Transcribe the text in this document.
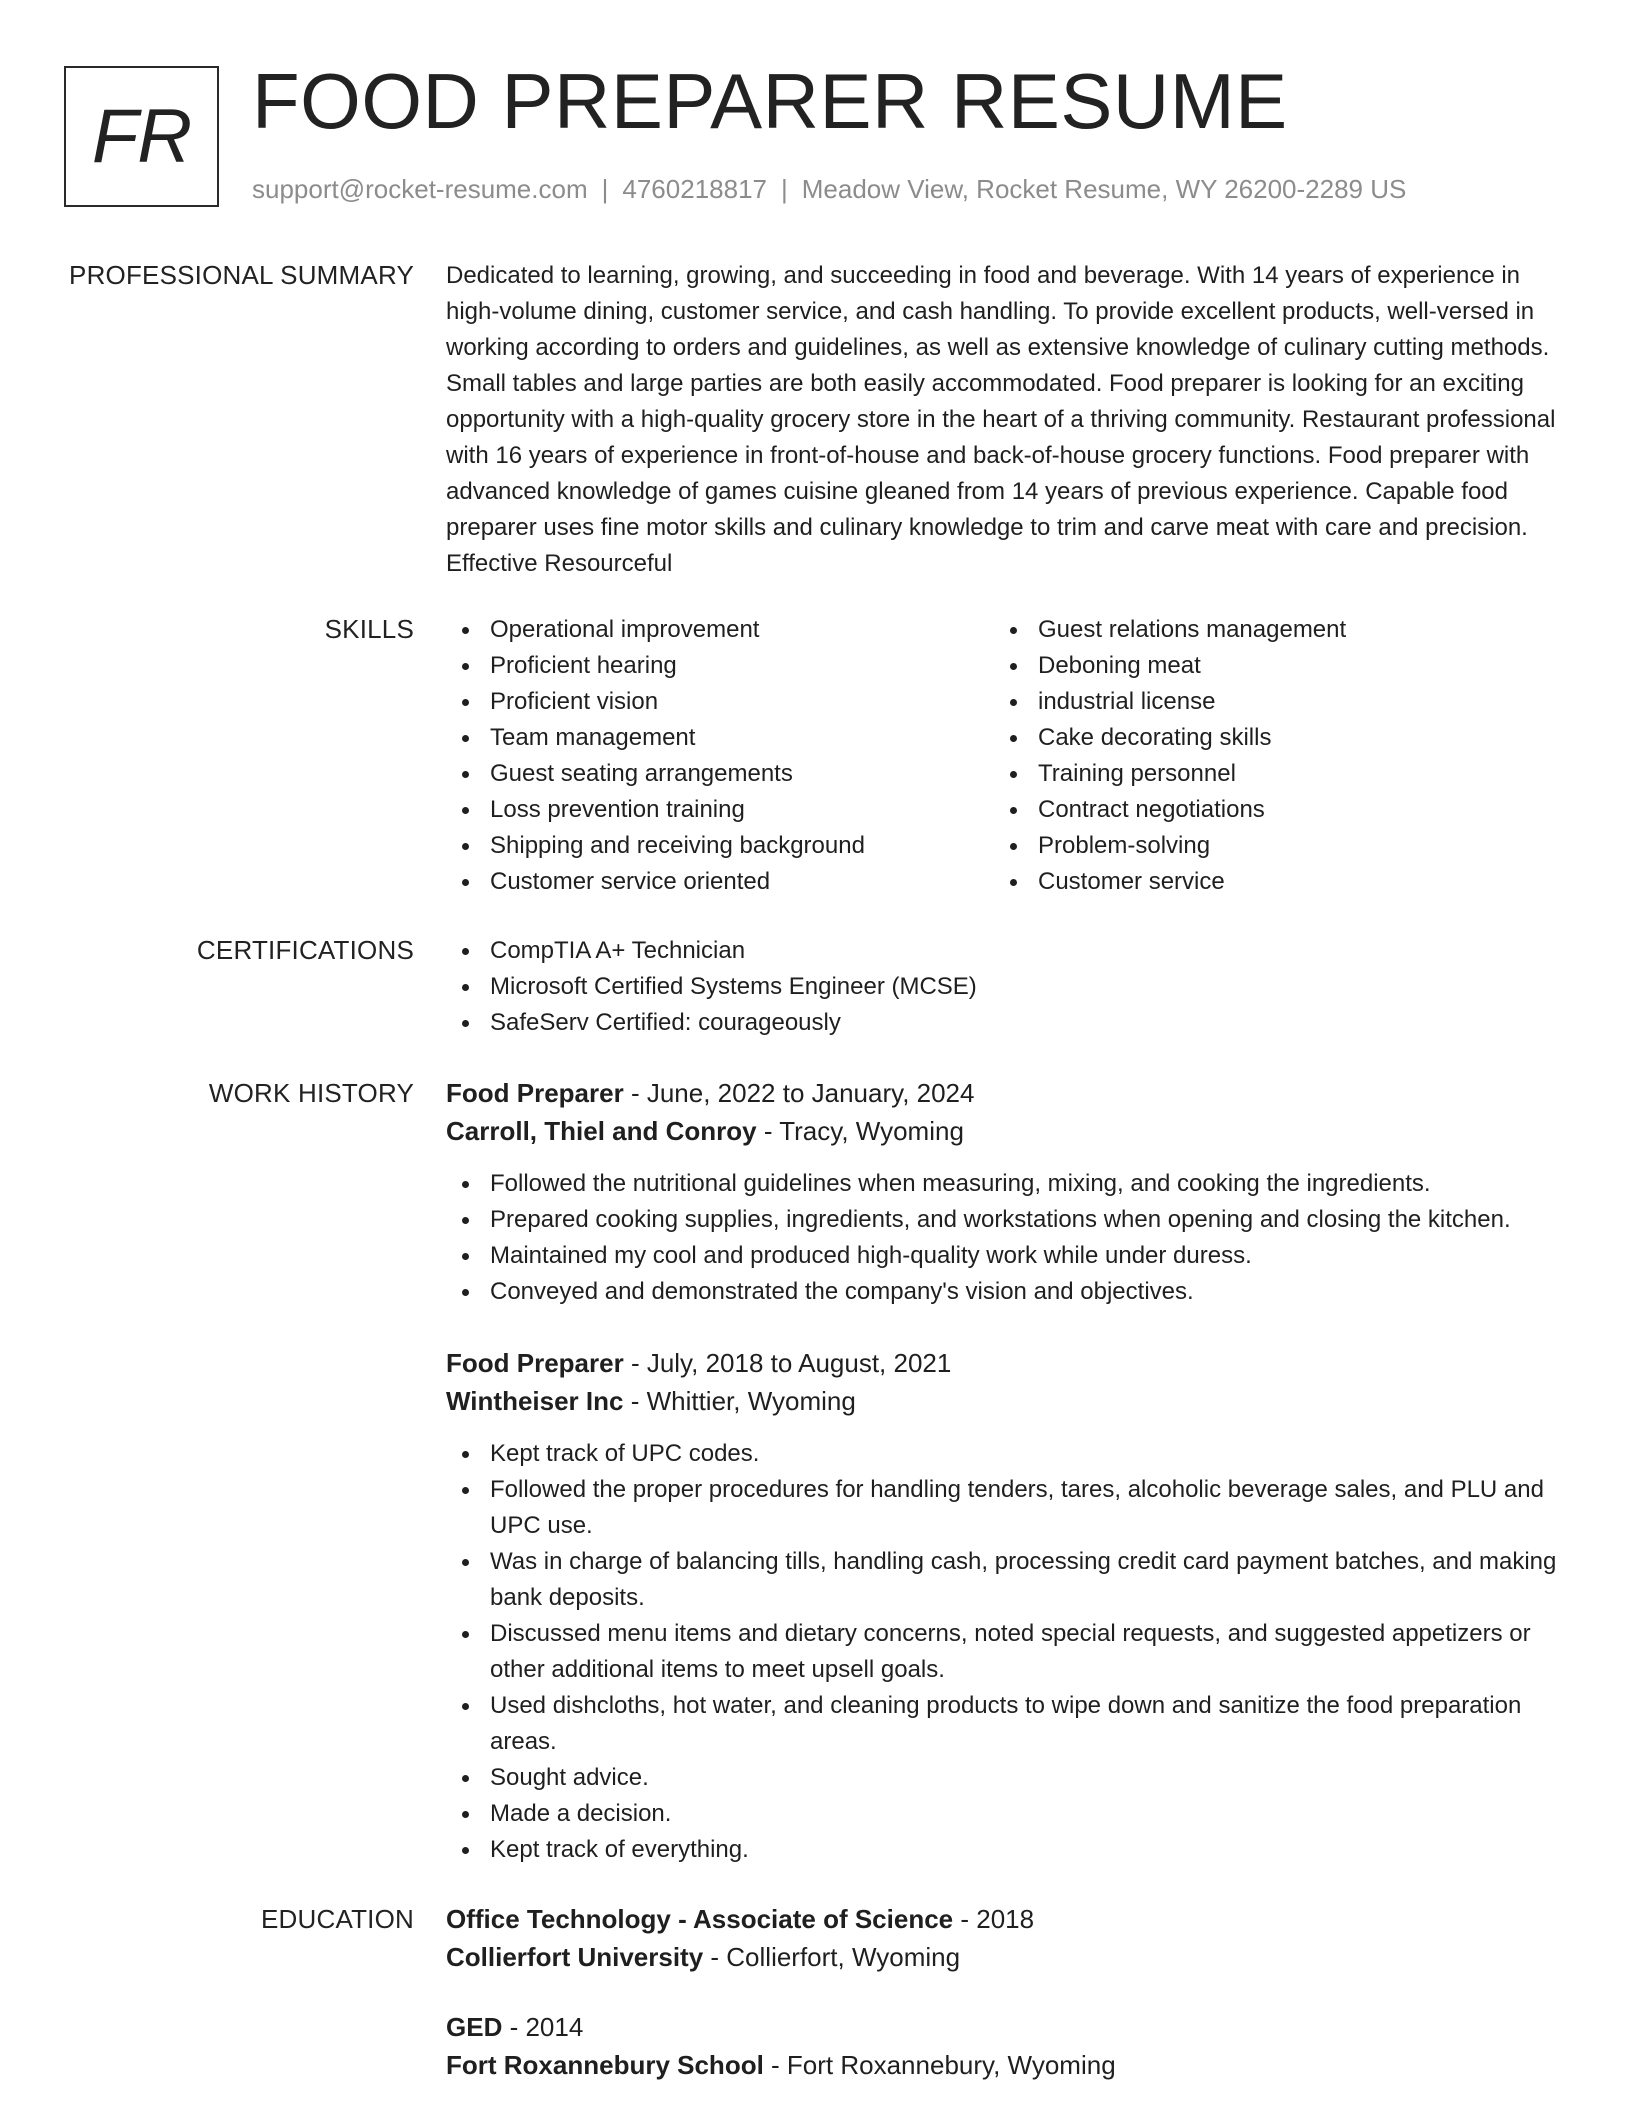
FR FOOD PREPARER RESUME
support@rocket-resume.com | 4760218817 | Meadow View, Rocket Resume, WY 26200-2289 US
PROFESSIONAL SUMMARY Dedicated to learning, growing, and succeeding in food and beverage. With 14 years of experience in high-volume dining, customer service, and cash handling. To provide excellent products, well-versed in working according to orders and guidelines, as well as extensive knowledge of culinary cutting methods. Small tables and large parties are both easily accommodated. Food preparer is looking for an exciting opportunity with a high-quality grocery store in the heart of a thriving community. Restaurant professional with 16 years of experience in front-of-house and back-of-house grocery functions. Food preparer with advanced knowledge of games cuisine gleaned from 14 years of previous experience. Capable food preparer uses fine motor skills and culinary knowledge to trim and carve meat with care and precision. Effective Resourceful
SKILLS	Operational improvement
Proficient hearing
Proficient vision
Team management
Guest seating arrangements
Loss prevention training
Shipping and receiving background
Customer service oriented
Guest relations management
Deboning meat
industrial license
Cake decorating skills
Training personnel
Contract negotiations
Problem-solving
Customer service
CERTIFICATIONS	CompTIA A+ Technician
Microsoft Certified Systems Engineer (MCSE)
SafeServ Certified: courageously
WORK HISTORY Food Preparer - June, 2022 to January, 2024
Carroll, Thiel and Conroy - Tracy, Wyoming
Followed the nutritional guidelines when measuring, mixing, and cooking the ingredients.
Prepared cooking supplies, ingredients, and workstations when opening and closing the kitchen.
Maintained my cool and produced high-quality work while under duress.
Conveyed and demonstrated the company's vision and objectives.
Food Preparer - July, 2018 to August, 2021
Wintheiser Inc - Whittier, Wyoming
Kept track of UPC codes.
Followed the proper procedures for handling tenders, tares, alcoholic beverage sales, and PLU and UPC use.
Was in charge of balancing tills, handling cash, processing credit card payment batches, and making bank deposits.
Discussed menu items and dietary concerns, noted special requests, and suggested appetizers or other additional items to meet upsell goals.
Used dishcloths, hot water, and cleaning products to wipe down and sanitize the food preparation areas.
Sought advice.
Made a decision.
Kept track of everything.
EDUCATION Office Technology - Associate of Science - 2018
Collierfort University - Collierfort, Wyoming
GED - 2014
Fort Roxannebury School - Fort Roxannebury, Wyoming
